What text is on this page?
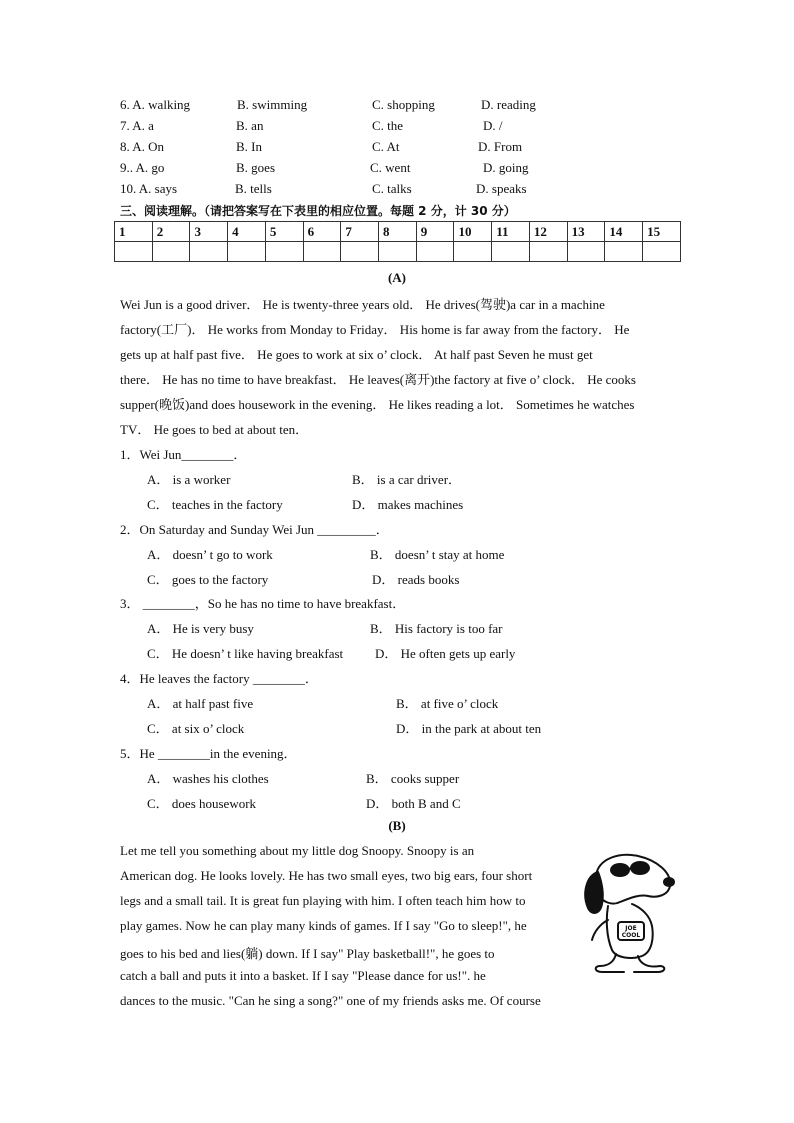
6. A. walking	B. swimming	C. shopping	D. reading
7. A. a	B. an	C. the	D. /
8. A. On	B. In	C. At	D. From
9.. A. go	B. goes	C. went	D. going
10. A. says	B. tells	C. talks	D. speaks
三、阅读理解。（请把答案写在下表里的相应位置。每题 2 分，计 30 分）
1	2	3	4	5	6	7	8	9	10	11	12	13	14	15

(A)
Wei Jun is a good driver． He is twenty-three years old． He drives(驾驶)a car in a machine
factory(工厂)． He works from Monday to Friday． His home is far away from the factory． He
gets up at half past five． He goes to work at six o’ clock． At half past Seven he must get
there． He has no time to have breakfast． He leaves(离开)the factory at five o’ clock． He cooks
supper(晚饭)and does housework in the evening． He likes reading a lot． Sometimes he watches
TV． He goes to bed at about ten．
1．Wei Jun________．
A． is a worker	B． is a car driver．
C． teaches in the factory	D． makes machines
2．On Saturday and Sunday Wei Jun _________．
A． doesn’ t go to work	B． doesn’ t stay at home
C． goes to the factory	D． reads books
3． ________，So he has no time to have breakfast．
A． He is very busy	B． His factory is too far
C． He doesn’ t like having breakfast D． He often gets up early
4．He leaves the factory ________．
A． at half past five	B． at five o’ clock
C． at six o’ clock	D． in the park at about ten
5．He ________in the evening．
A． washes his clothes	B． cooks supper
C． does housework	D． both B and C
(B)
Let me tell you something about my little dog Snoopy. Snoopy is an
American dog. He looks lovely. He has two small eyes, two big ears, four short
legs and a small tail. It is great fun playing with him. I often teach him how to
play games. Now he can play many kinds of games. If I say "Go to sleep!", he
goes to his bed and lies(躺) down. If I say" Play basketball!", he goes to
catch a ball and puts it into a basket. If I say "Please dance for us!". he
dances to the music. "Can he sing a song?" one of my friends asks me. Of course
JOE
COOL
